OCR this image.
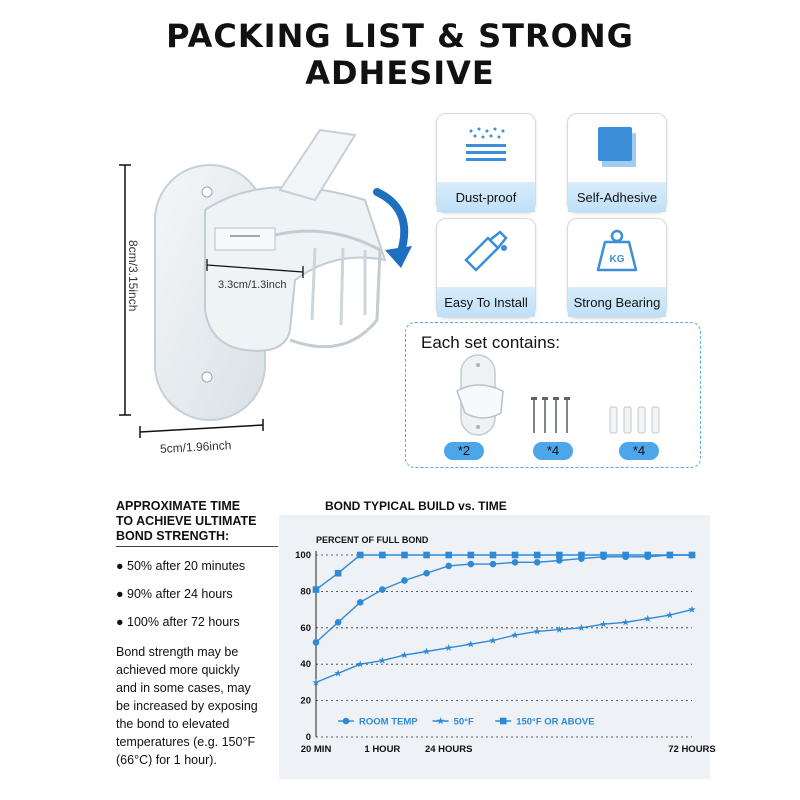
PACKING LIST & STRONG
ADHESIVE
8cm/3.15inch	3.3cm/1.3inch
5cm/1.96inch
Dust-proof	Self-Adhesive
Easy To Install
KG
Strong Bearing
Each set contains:
*2	*4	*4
APPROXIMATE TIME
TO ACHIEVE ULTIMATE
BOND STRENGTH:
● 50% after 20 minutes
● 90% after 24 hours
● 100% after 72 hours
Bond strength may be
achieved more quickly
and in some cases, may
be increased by exposing
the bond to elevated
temperatures (e.g. 150°F
(66°C) for 1 hour).
BOND TYPICAL BUILD vs. TIME
PERCENT OF FULL BOND
0
20
40
60
80
100
20 MIN	1 HOUR	24 HOURS	72 HOURS
ROOM TEMP	50°F	150°F OR ABOVE
